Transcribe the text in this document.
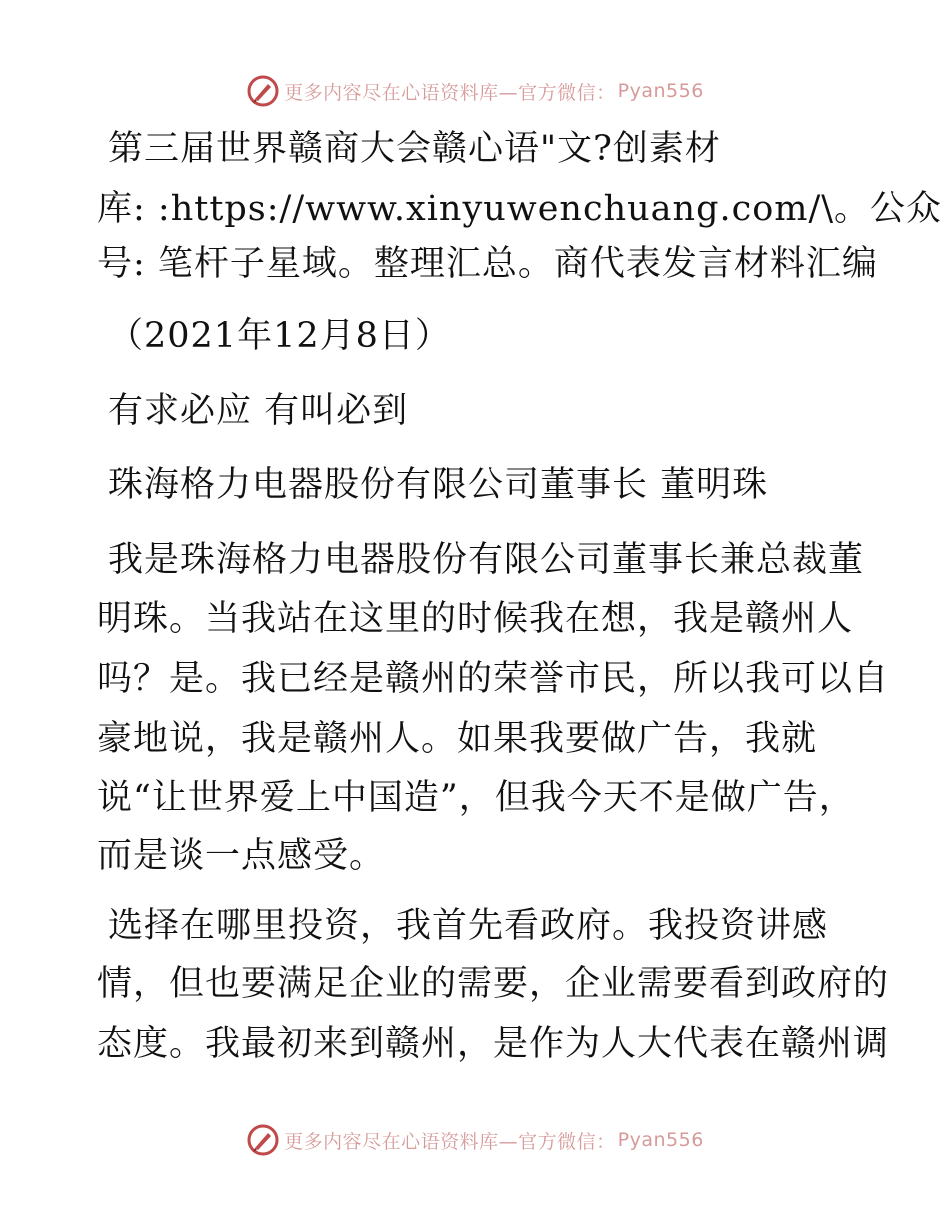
更多内容尽在心语资料库—官方微信： Pyan556
第三届世界赣商大会赣心语"文?创素材
库: :https://www.xinyuwenchuang.com/\。公众
号: 笔杆子星域。整理汇总。商代表发言材料汇编
（2021年12月8日）
有求必应 有叫必到
珠海格力电器股份有限公司董事长 董明珠
我是珠海格力电器股份有限公司董事长兼总裁董
明珠。当我站在这里的时候我在想，我是赣州人
吗？是。我已经是赣州的荣誉市民，所以我可以自
豪地说，我是赣州人。如果我要做广告，我就
说“让世界爱上中国造”，但我今天不是做广告，
而是谈一点感受。
选择在哪里投资，我首先看政府。我投资讲感
情，但也要满足企业的需要，企业需要看到政府的
态度。我最初来到赣州，是作为人大代表在赣州调
更多内容尽在心语资料库—官方微信： Pyan556
